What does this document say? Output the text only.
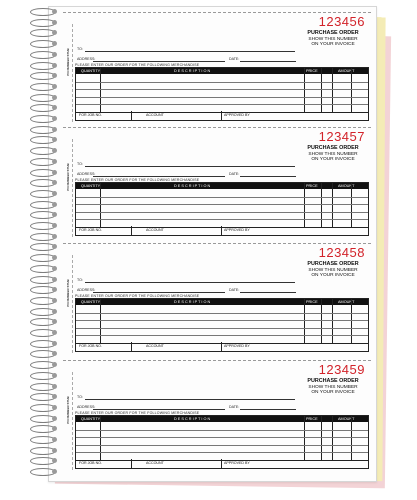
PO NUMBER STUB
123456
PURCHASE ORDER
SHOW THIS NUMBER
ON YOUR INVOICE
TO:
ADDRESS:	DATE:
PLEASE ENTER OUR ORDER FOR THE FOLLOWING MERCHANDISE
QUANTITY	D E S C R I P T I O N	PRICE	AMOUNT
FOR JOB NO.	ACCOUNT	APPROVED BY
PO NUMBER STUB
123457
PURCHASE ORDER
SHOW THIS NUMBER
ON YOUR INVOICE
TO:
ADDRESS:	DATE:
PLEASE ENTER OUR ORDER FOR THE FOLLOWING MERCHANDISE
QUANTITY	D E S C R I P T I O N	PRICE	AMOUNT
FOR JOB NO.	ACCOUNT	APPROVED BY
PO NUMBER STUB
123458
PURCHASE ORDER
SHOW THIS NUMBER
ON YOUR INVOICE
TO:
ADDRESS:	DATE:
PLEASE ENTER OUR ORDER FOR THE FOLLOWING MERCHANDISE
QUANTITY	D E S C R I P T I O N	PRICE	AMOUNT
FOR JOB NO.	ACCOUNT	APPROVED BY
PO NUMBER STUB
123459
PURCHASE ORDER
SHOW THIS NUMBER
ON YOUR INVOICE
TO:
ADDRESS:	DATE:
PLEASE ENTER OUR ORDER FOR THE FOLLOWING MERCHANDISE
QUANTITY	D E S C R I P T I O N	PRICE	AMOUNT
FOR JOB NO.	ACCOUNT	APPROVED BY
